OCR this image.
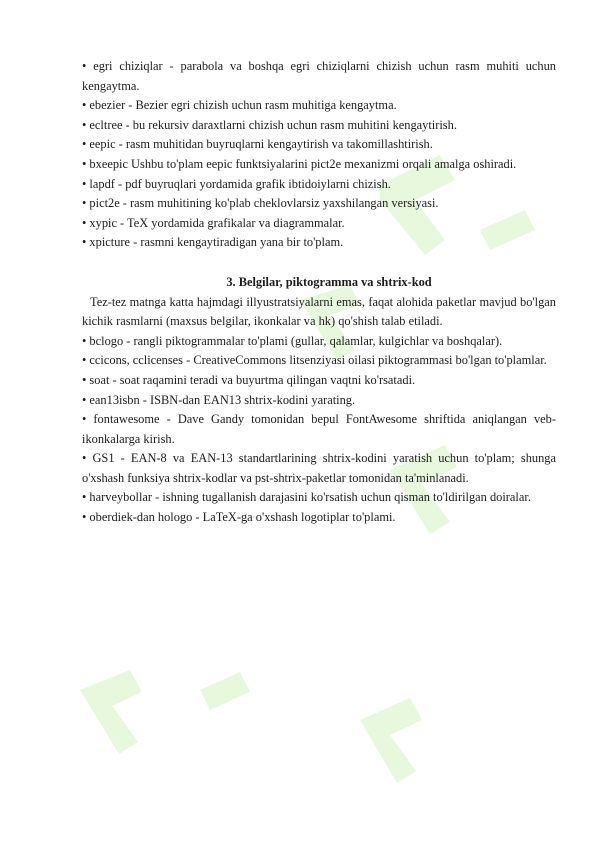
• egri chiziqlar - parabola va boshqa egri chiziqlarni chizish uchun rasm muhiti uchun kengaytma.

• ebezier - Bezier egri chizish uchun rasm muhitiga kengaytma.

• ecltree - bu rekursiv daraxtlarni chizish uchun rasm muhitini kengaytirish.

• eepic - rasm muhitidan buyruqlarni kengaytirish va takomillashtirish.

• bxeepic Ushbu to'plam eepic funktsiyalarini pict2e mexanizmi orqali amalga oshiradi.

• lapdf - pdf buyruqlari yordamida grafik ibtidoiylarni chizish.

• pict2e - rasm muhitining ko'plab cheklovlarsiz yaxshilangan versiyasi.

• xypic - TeX yordamida grafikalar va diagrammalar.

• xpicture - rasmni kengaytiradigan yana bir to'plam.

3. Belgilar, piktogramma va shtrix-kod

Tez-tez matnga katta hajmdagi illyustratsiyalarni emas, faqat alohida paketlar mavjud bo'lgan kichik rasmlarni (maxsus belgilar, ikonkalar va hk) qo'shish talab etiladi.

• bclogo - rangli piktogrammalar to'plami (gullar, qalamlar, kulgichlar va boshqalar).

• ccicons, cclicenses - CreativeCommons litsenziyasi oilasi piktogrammasi bo'lgan to'plamlar.

• soat - soat raqamini teradi va buyurtma qilingan vaqtni ko'rsatadi.

• ean13isbn - ISBN-dan EAN13 shtrix-kodini yarating.

• fontawesome - Dave Gandy tomonidan bepul FontAwesome shriftida aniqlangan veb-ikonkalarga kirish.

• GS1 - EAN-8 va EAN-13 standartlarining shtrix-kodini yaratish uchun to'plam; shunga o'xshash funksiya shtrix-kodlar va pst-shtrix-paketlar tomonidan ta'minlanadi.

• harveybollar - ishning tugallanish darajasini ko'rsatish uchun qisman to'ldirilgan doiralar.

• oberdiek-dan hologo - LaTeX-ga o'xshash logotiplar to'plami.
